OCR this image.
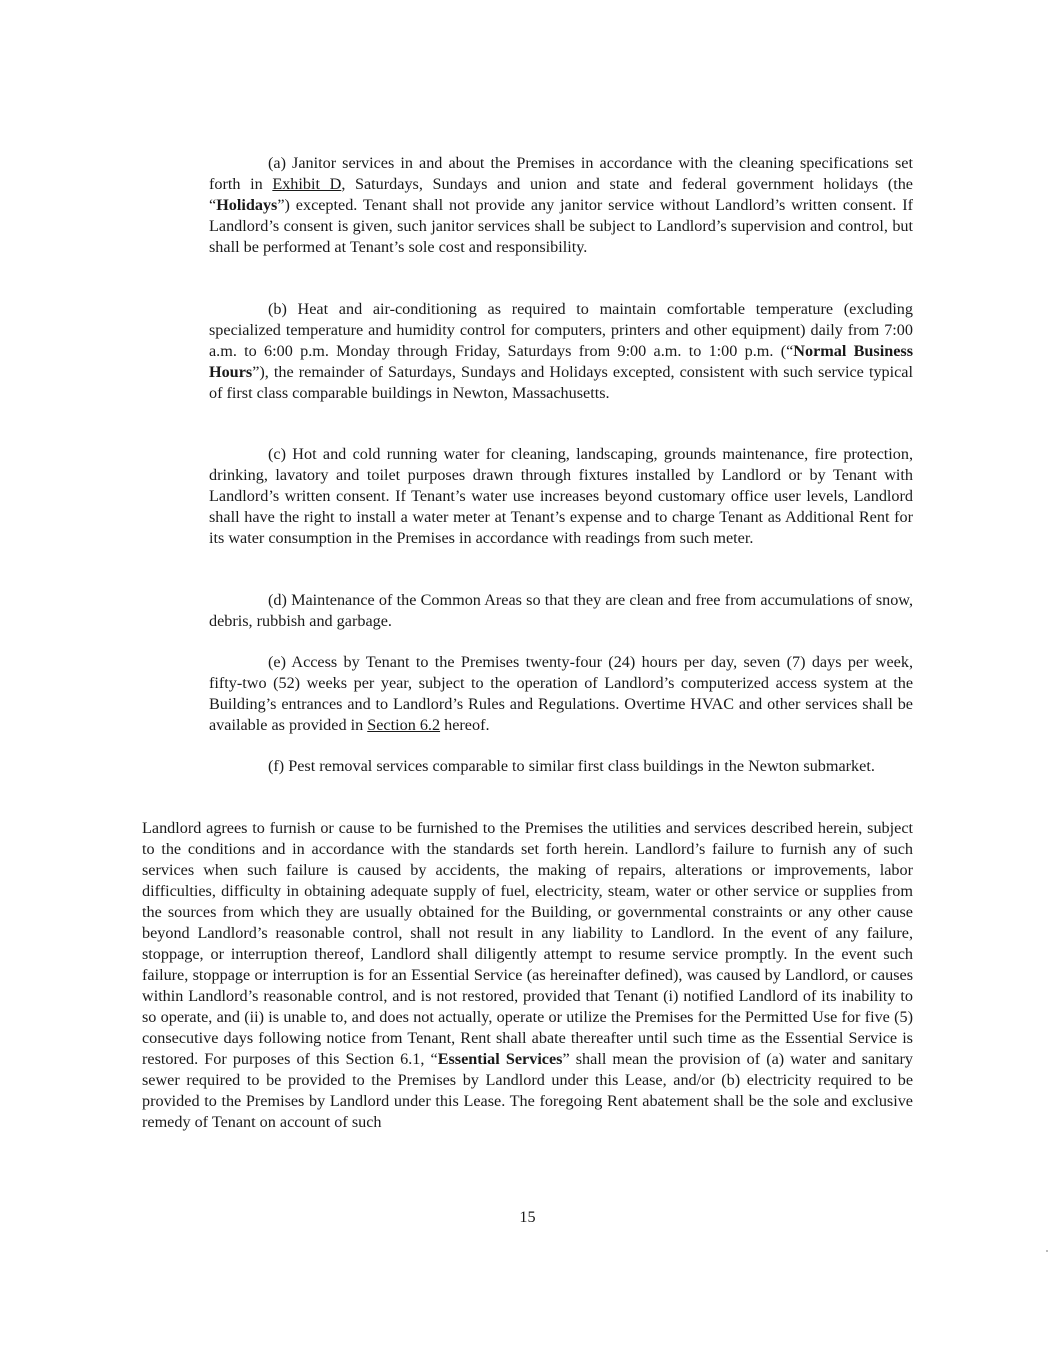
(a) Janitor services in and about the Premises in accordance with the cleaning specifications set forth in Exhibit D, Saturdays, Sundays and union and state and federal government holidays (the “Holidays”) excepted. Tenant shall not provide any janitor service without Landlord’s written consent. If Landlord’s consent is given, such janitor services shall be subject to Landlord’s supervision and control, but shall be performed at Tenant’s sole cost and responsibility.

(b) Heat and air-conditioning as required to maintain comfortable temperature (excluding specialized temperature and humidity control for computers, printers and other equipment) daily from 7:00 a.m. to 6:00 p.m. Monday through Friday, Saturdays from 9:00 a.m. to 1:00 p.m. (“Normal Business Hours”), the remainder of Saturdays, Sundays and Holidays excepted, consistent with such service typical of first class comparable buildings in Newton, Massachusetts.

(c) Hot and cold running water for cleaning, landscaping, grounds maintenance, fire protection, drinking, lavatory and toilet purposes drawn through fixtures installed by Landlord or by Tenant with Landlord’s written consent. If Tenant’s water use increases beyond customary office user levels, Landlord shall have the right to install a water meter at Tenant’s expense and to charge Tenant as Additional Rent for its water consumption in the Premises in accordance with readings from such meter.

(d) Maintenance of the Common Areas so that they are clean and free from accumulations of snow, debris, rubbish and garbage.

(e) Access by Tenant to the Premises twenty-four (24) hours per day, seven (7) days per week, fifty-two (52) weeks per year, subject to the operation of Landlord’s computerized access system at the Building’s entrances and to Landlord’s Rules and Regulations. Overtime HVAC and other services shall be available as provided in Section 6.2 hereof.

(f) Pest removal services comparable to similar first class buildings in the Newton submarket.

Landlord agrees to furnish or cause to be furnished to the Premises the utilities and services described herein, subject to the conditions and in accordance with the standards set forth herein. Landlord’s failure to furnish any of such services when such failure is caused by accidents, the making of repairs, alterations or improvements, labor difficulties, difficulty in obtaining adequate supply of fuel, electricity, steam, water or other service or supplies from the sources from which they are usually obtained for the Building, or governmental constraints or any other cause beyond Landlord’s reasonable control, shall not result in any liability to Landlord. In the event of any failure, stoppage, or interruption thereof, Landlord shall diligently attempt to resume service promptly. In the event such failure, stoppage or interruption is for an Essential Service (as hereinafter defined), was caused by Landlord, or causes within Landlord’s reasonable control, and is not restored, provided that Tenant (i) notified Landlord of its inability to so operate, and (ii) is unable to, and does not actually, operate or utilize the Premises for the Permitted Use for five (5) consecutive days following notice from Tenant, Rent shall abate thereafter until such time as the Essential Service is restored. For purposes of this Section 6.1, “Essential Services” shall mean the provision of (a) water and sanitary sewer required to be provided to the Premises by Landlord under this Lease, and/or (b) electricity required to be provided to the Premises by Landlord under this Lease. The foregoing Rent abatement shall be the sole and exclusive remedy of Tenant on account of such

15
